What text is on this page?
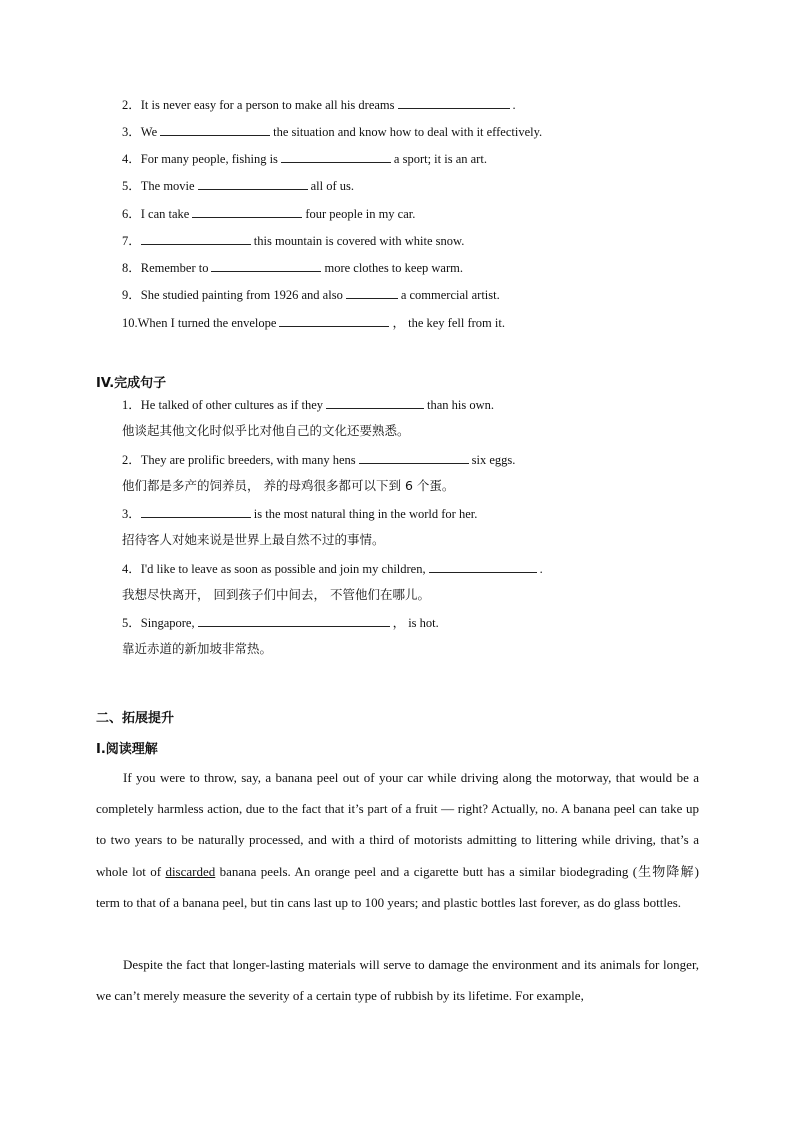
2．It is never easy for a person to make all his dreams	.
3．We	the situation and know how to deal with it effectively.
4．For many people, fishing is	a sport; it is an art.
5．The movie	all of us.
6．I can take	four people in my car.
7．	this mountain is covered with white snow.
8．Remember to	more clothes to keep warm.
9．She studied painting from 1926 and also	a commercial artist.
10.When I turned the envelope	， the key fell from it.
IV.完成句子
1．He talked of other cultures as if they	than his own.
他谈起其他文化时似乎比对他自己的文化还要熟悉。
2．They are prolific breeders, with many hens	six eggs.
他们都是多产的饲养员， 养的母鸡很多都可以下到 6 个蛋。
3．	is the most natural thing in the world for her.
招待客人对她来说是世界上最自然不过的事情。
4．I'd like to leave as soon as possible and join my children,	.
我想尽快离开， 回到孩子们中间去， 不管他们在哪儿。
5．Singapore,	， is hot.
靠近赤道的新加坡非常热。
二、拓展提升
I.阅读理解
If you were to throw, say, a banana peel out of your car while driving along the motorway, that would be a completely harmless action, due to the fact that it’s part of a fruit — right? Actually, no. A banana peel can take up to two years to be naturally processed, and with a third of motorists admitting to littering while driving, that’s a whole lot of discarded banana peels. An orange peel and a cigarette butt has a similar biodegrading (生物降解) term to that of a banana peel, but tin cans last up to 100 years; and plastic bottles last forever, as do glass bottles.
Despite the fact that longer-lasting materials will serve to damage the environment and its animals for longer, we can’t merely measure the severity of a certain type of rubbish by its lifetime. For example,
